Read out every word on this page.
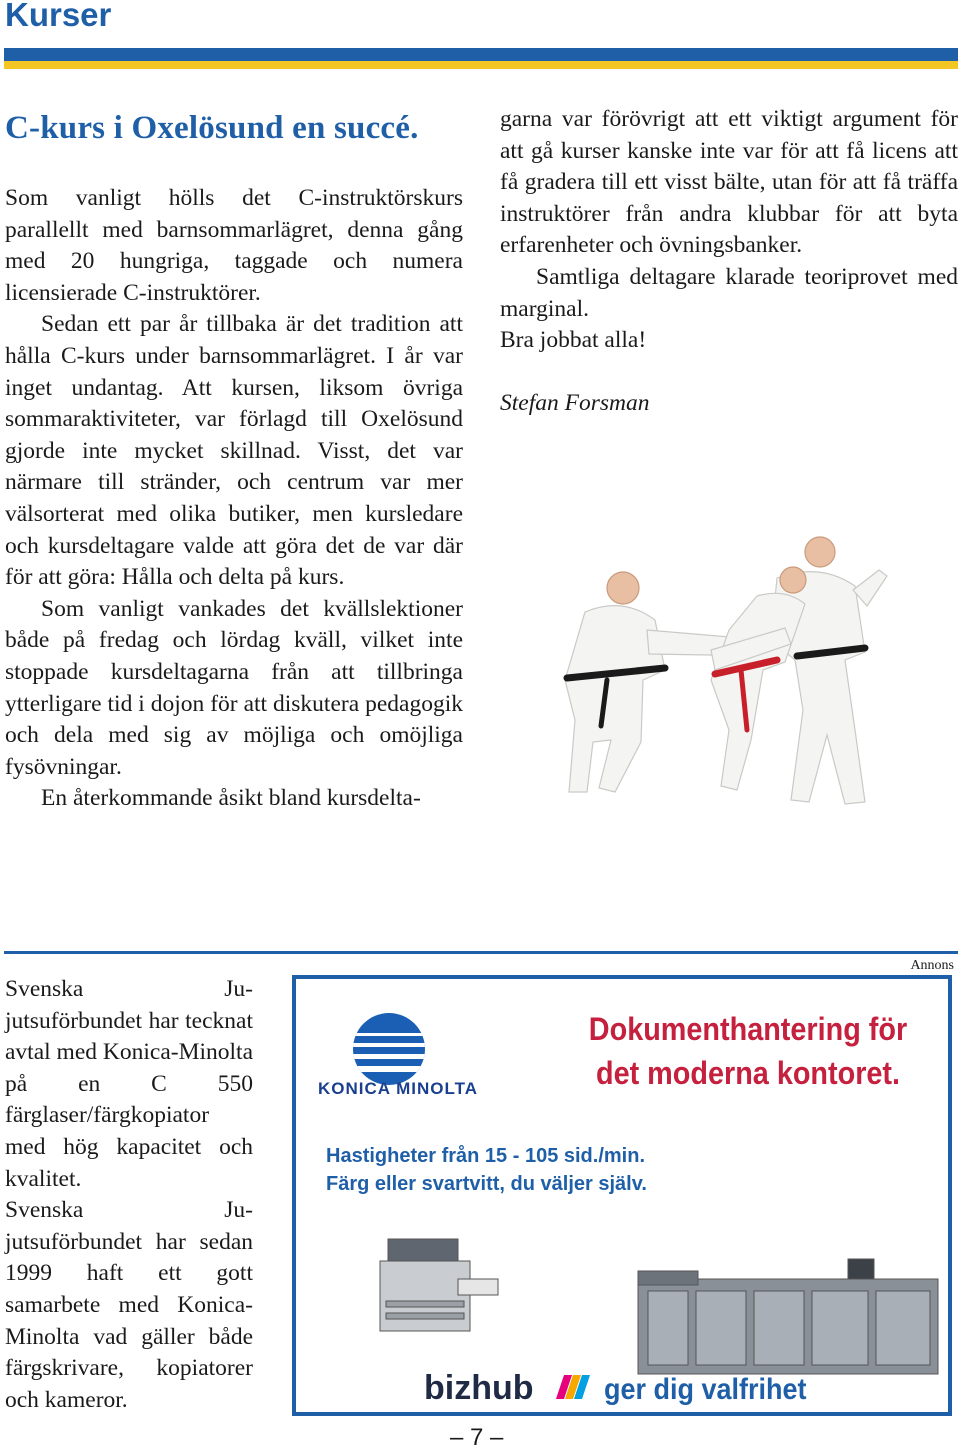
Kurser
C-kurs i Oxelösund en succé.

Som vanligt hölls det C-instruktörskurs parallellt med barnsommarlägret, denna gång med 20 hungriga, taggade och numera licensierade C-instruktörer.

Sedan ett par år tillbaka är det tradition att hålla C-kurs under barnsommarlägret. I år var inget undantag. Att kursen, liksom övriga sommaraktiviteter, var förlagd till Oxelösund gjorde inte mycket skillnad. Visst, det var närmare till stränder, och centrum var mer välsorterat med olika butiker, men kursledare och kursdeltagare valde att göra det de var där för att göra: Hålla och delta på kurs.

Som vanligt vankades det kvällslektioner både på fredag och lördag kväll, vilket inte stoppade kursdeltagarna från att tillbringa ytterligare tid i dojon för att diskutera pedagogik och dela med sig av möjliga och omöjliga fysövningar.

En återkommande åsikt bland kursdelta-

garna var förövrigt att ett viktigt argument för att gå kurser kanske inte var för att få licens att få gradera till ett visst bälte, utan för att få träffa instruktörer från andra klubbar för att byta erfarenheter och övningsbanker.

Samtliga deltagare klarade teoriprovet med marginal.

Bra jobbat alla!

Stefan Forsman

Svenska Ju-jutsuförbundet har tecknat avtal med Konica-Minolta på en C 550 färglaser/färgkopiator med hög kapacitet och kvalitet.

Svenska Ju-jutsuförbundet har sedan 1999 haft ett gott samarbete med Konica-Minolta vad gäller både färgskrivare, kopiatorer och kameror.

Annons

KONICA MINOLTA

Dokumenthantering för det moderna kontoret.

Hastigheter från 15 - 105 sid./min.
Färg eller svartvitt, du väljer själv.

bizhub ger dig valfrihet
– 7 –
